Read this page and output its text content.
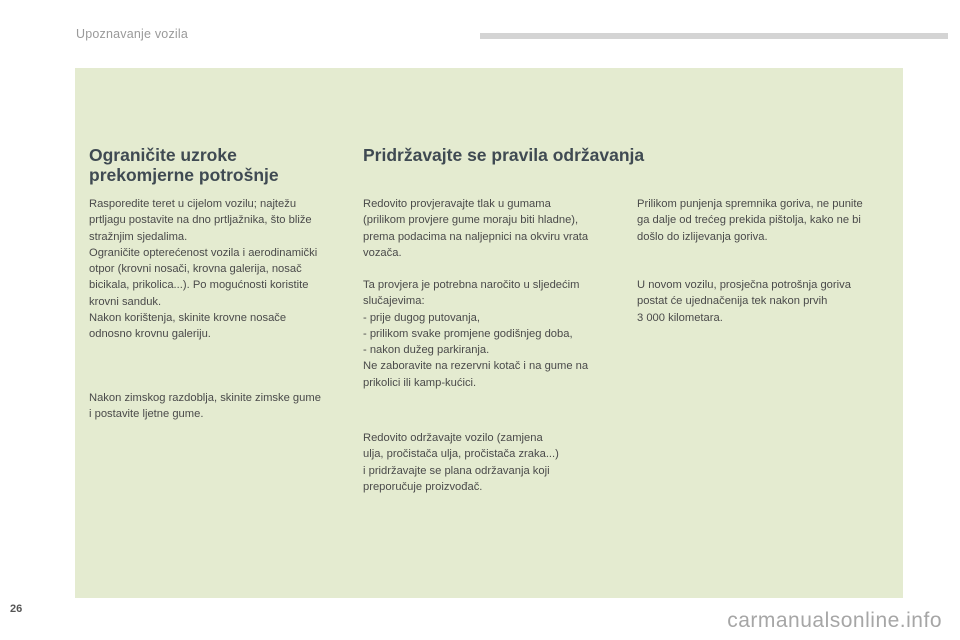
Upoznavanje vozila
Ograničite uzroke
prekomjerne potrošnje

Rasporedite teret u cijelom vozilu; najtežu
prtljagu postavite na dno prtljažnika, što bliže
stražnjim sjedalima.
Ograničite opterećenost vozila i aerodinamički
otpor (krovni nosači, krovna galerija, nosač
bicikala, prikolica...). Po mogućnosti koristite
krovni sanduk.
Nakon korištenja, skinite krovne nosače
odnosno krovnu galeriju.

Nakon zimskog razdoblja, skinite zimske gume
i postavite ljetne gume.

Pridržavajte se pravila održavanja

Redovito provjeravajte tlak u gumama
(prilikom provjere gume moraju biti hladne),
prema podacima na naljepnici na okviru vrata
vozača.

Ta provjera je potrebna naročito u sljedećim
slučajevima:
- prije dugog putovanja,
- prilikom svake promjene godišnjeg doba,
- nakon dužeg parkiranja.
Ne zaboravite na rezervni kotač i na gume na
prikolici ili kamp-kućici.

Redovito održavajte vozilo (zamjena
ulja, pročistača ulja, pročistača zraka...)
i pridržavajte se plana održavanja koji
preporučuje proizvođač.

Prilikom punjenja spremnika goriva, ne punite
ga dalje od trećeg prekida pištolja, kako ne bi
došlo do izlijevanja goriva.

U novom vozilu, prosječna potrošnja goriva
postat će ujednačenija tek nakon prvih
3 000 kilometara.

26	carmanualsonline.info
